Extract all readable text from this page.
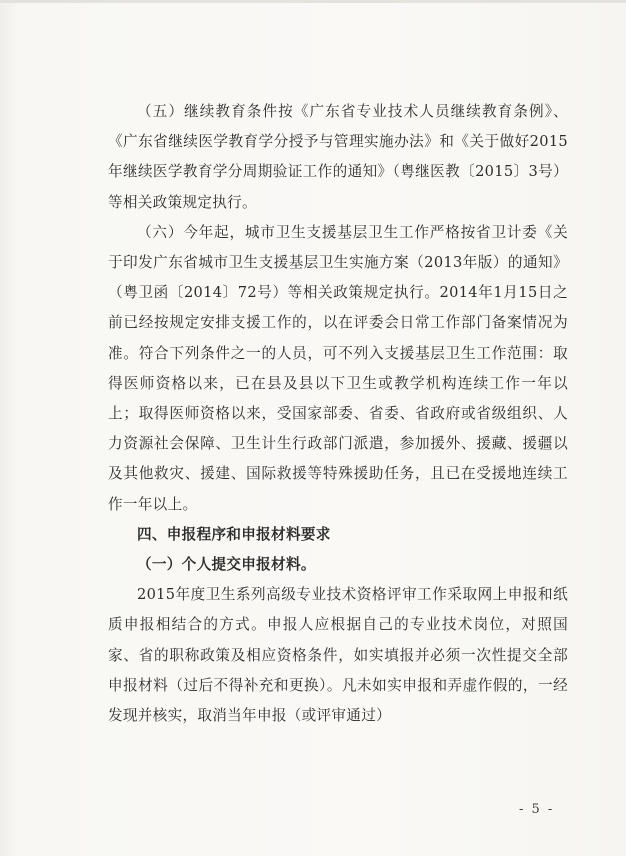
（五）继续教育条件按《广东省专业技术人员继续教育条例》、《广东省继续医学教育学分授予与管理实施办法》和《关于做好2015年继续医学教育学分周期验证工作的通知》（粤继医教〔2015〕3号）等相关政策规定执行。

（六）今年起，城市卫生支援基层卫生工作严格按省卫计委《关于印发广东省城市卫生支援基层卫生实施方案（2013年版）的通知》（粤卫函〔2014〕72号）等相关政策规定执行。2014年1月15日之前已经按规定安排支援工作的，以在评委会日常工作部门备案情况为准。符合下列条件之一的人员，可不列入支援基层卫生工作范围：取得医师资格以来，已在县及县以下卫生或教学机构连续工作一年以上；取得医师资格以来，受国家部委、省委、省政府或省级组织、人力资源社会保障、卫生计生行政部门派遣，参加援外、援藏、援疆以及其他救灾、援建、国际救援等特殊援助任务，且已在受援地连续工作一年以上。

四、申报程序和申报材料要求

（一）个人提交申报材料。

2015年度卫生系列高级专业技术资格评审工作采取网上申报和纸质申报相结合的方式。申报人应根据自己的专业技术岗位，对照国家、省的职称政策及相应资格条件，如实填报并必须一次性提交全部申报材料（过后不得补充和更换）。凡未如实申报和弄虚作假的，一经发现并核实，取消当年申报（或评审通过）

- 5 -
